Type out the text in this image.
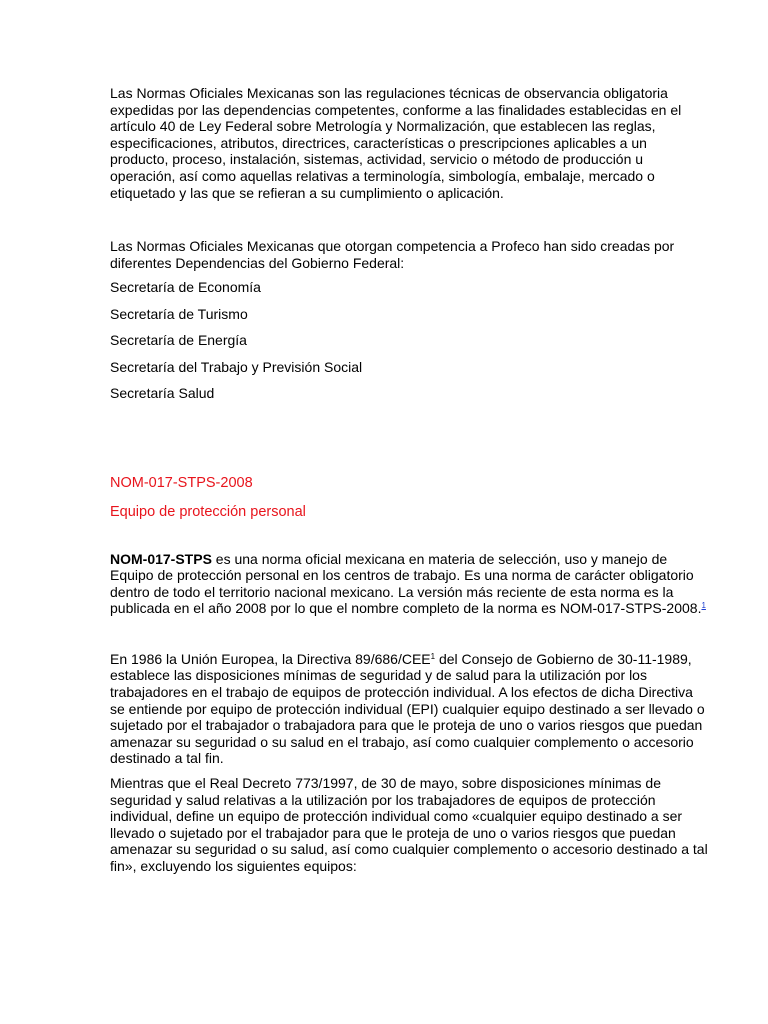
Las Normas Oficiales Mexicanas son las regulaciones técnicas de observancia obligatoria expedidas por las dependencias competentes, conforme a las finalidades establecidas en el artículo 40 de Ley Federal sobre Metrología y Normalización, que establecen las reglas, especificaciones, atributos, directrices, características o prescripciones aplicables a un producto, proceso, instalación, sistemas, actividad, servicio o método de producción u operación, así como aquellas relativas a terminología, simbología, embalaje, mercado o etiquetado y las que se refieran a su cumplimiento o aplicación.

Las Normas Oficiales Mexicanas que otorgan competencia a Profeco han sido creadas por diferentes Dependencias del Gobierno Federal:

Secretaría de Economía
Secretaría de Turismo
Secretaría de Energía
Secretaría del Trabajo y Previsión Social
Secretaría Salud

NOM-017-STPS-2008

Equipo de protección personal

NOM-017-STPS es una norma oficial mexicana en materia de selección, uso y manejo de Equipo de protección personal en los centros de trabajo. Es una norma de carácter obligatorio dentro de todo el territorio nacional mexicano. La versión más reciente de esta norma es la publicada en el año 2008 por lo que el nombre completo de la norma es NOM-017-STPS-2008.$^1$

En 1986 la Unión Europea, la Directiva 89/686/CEE$^1$ del Consejo de Gobierno de 30-11-1989, establece las disposiciones mínimas de seguridad y de salud para la utilización por los trabajadores en el trabajo de equipos de protección individual. A los efectos de dicha Directiva se entiende por equipo de protección individual (EPI) cualquier equipo destinado a ser llevado o sujetado por el trabajador o trabajadora para que le proteja de uno o varios riesgos que puedan amenazar su seguridad o su salud en el trabajo, así como cualquier complemento o accesorio destinado a tal fin.

Mientras que el Real Decreto 773/1997, de 30 de mayo, sobre disposiciones mínimas de seguridad y salud relativas a la utilización por los trabajadores de equipos de protección individual, define un equipo de protección individual como «cualquier equipo destinado a ser llevado o sujetado por el trabajador para que le proteja de uno o varios riesgos que puedan amenazar su seguridad o su salud, así como cualquier complemento o accesorio destinado a tal fin», excluyendo los siguientes equipos:
